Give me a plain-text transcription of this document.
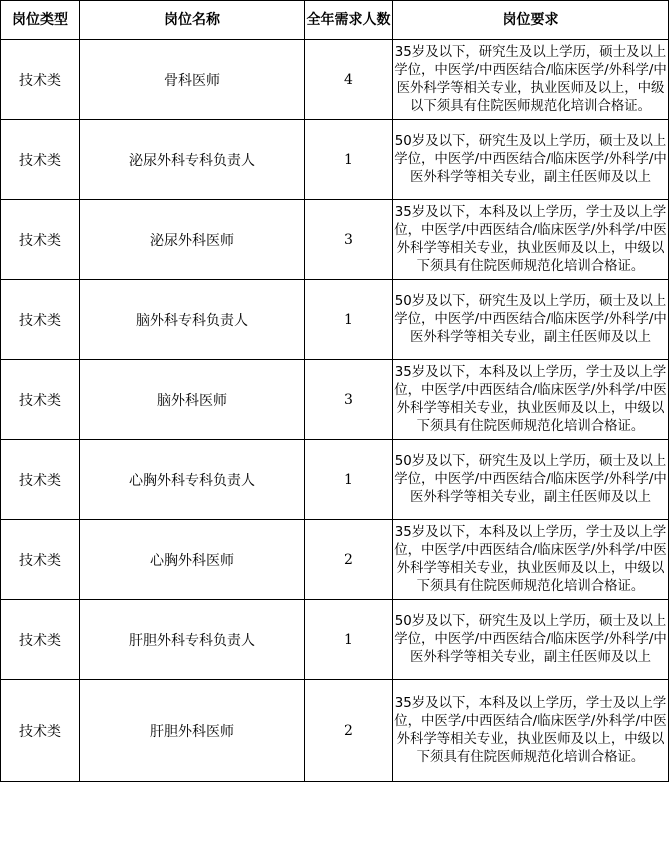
岗位类型	岗位名称	全年需求人数	岗位要求
技术类	骨科医师	4	35岁及以下，研究生及以上学历，硕士及以上学位，中医学/中西医结合/临床医学/外科学/中医外科学等相关专业，执业医师及以上，中级以下须具有住院医师规范化培训合格证。
技术类	泌尿外科专科负责人	1	50岁及以下，研究生及以上学历，硕士及以上学位，中医学/中西医结合/临床医学/外科学/中医外科学等相关专业，副主任医师及以上
技术类	泌尿外科医师	3	35岁及以下，本科及以上学历，学士及以上学位，中医学/中西医结合/临床医学/外科学/中医外科学等相关专业，执业医师及以上，中级以下须具有住院医师规范化培训合格证。
技术类	脑外科专科负责人	1	50岁及以下，研究生及以上学历，硕士及以上学位，中医学/中西医结合/临床医学/外科学/中医外科学等相关专业，副主任医师及以上
技术类	脑外科医师	3	35岁及以下，本科及以上学历，学士及以上学位，中医学/中西医结合/临床医学/外科学/中医外科学等相关专业，执业医师及以上，中级以下须具有住院医师规范化培训合格证。
技术类	心胸外科专科负责人	1	50岁及以下，研究生及以上学历，硕士及以上学位，中医学/中西医结合/临床医学/外科学/中医外科学等相关专业，副主任医师及以上
技术类	心胸外科医师	2	35岁及以下，本科及以上学历，学士及以上学位，中医学/中西医结合/临床医学/外科学/中医外科学等相关专业，执业医师及以上，中级以下须具有住院医师规范化培训合格证。
技术类	肝胆外科专科负责人	1	50岁及以下，研究生及以上学历，硕士及以上学位，中医学/中西医结合/临床医学/外科学/中医外科学等相关专业，副主任医师及以上
技术类	肝胆外科医师	2	35岁及以下，本科及以上学历，学士及以上学位，中医学/中西医结合/临床医学/外科学/中医外科学等相关专业，执业医师及以上，中级以下须具有住院医师规范化培训合格证。
